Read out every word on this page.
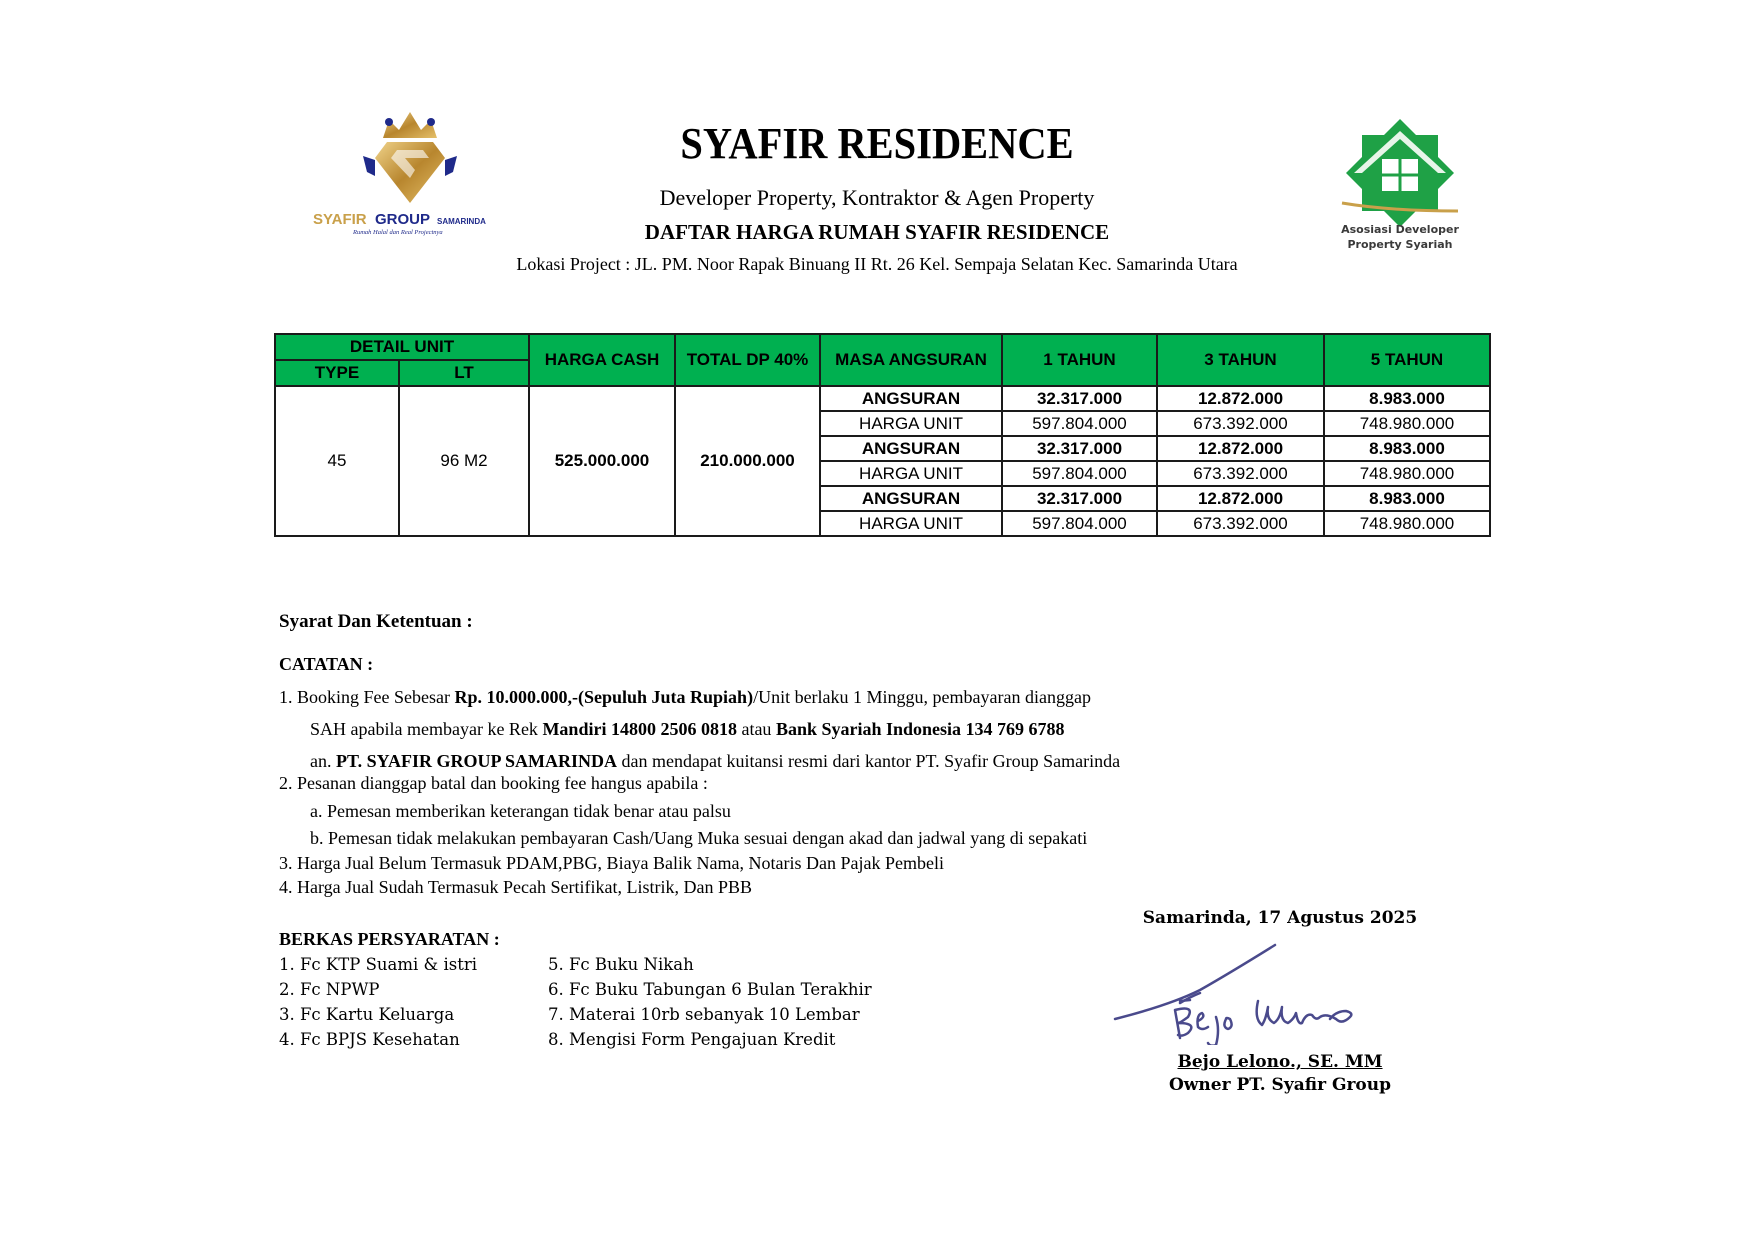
SYAFIR GROUP SAMARINDA
Rumah Halal dan Real Projectnya	Asosiasi Developer
Property Syariah
SYAFIR RESIDENCE
Developer Property, Kontraktor & Agen Property
DAFTAR HARGA RUMAH SYAFIR RESIDENCE
Lokasi Project : JL. PM. Noor Rapak Binuang II Rt. 26 Kel. Sempaja Selatan Kec. Samarinda Utara
DETAIL UNIT		HARGA CASH	TOTAL DP 40%	MASA ANGSURAN	1 TAHUN	3 TAHUN	5 TAHUN
TYPE	LT						
45	96 M2	525.000.000	210.000.000	ANGSURAN	32.317.000	12.872.000	8.983.000
				HARGA UNIT	597.804.000	673.392.000	748.980.000
				ANGSURAN	32.317.000	12.872.000	8.983.000
				HARGA UNIT	597.804.000	673.392.000	748.980.000
				ANGSURAN	32.317.000	12.872.000	8.983.000
				HARGA UNIT	597.804.000	673.392.000	748.980.000
Syarat Dan Ketentuan :
CATATAN :
1. Booking Fee Sebesar Rp. 10.000.000,-(Sepuluh Juta Rupiah)/Unit berlaku 1 Minggu, pembayaran dianggap
SAH apabila membayar ke Rek Mandiri 14800 2506 0818 atau Bank Syariah Indonesia 134 769 6788
an. PT. SYAFIR GROUP SAMARINDA dan mendapat kuitansi resmi dari kantor PT. Syafir Group Samarinda
2. Pesanan dianggap batal dan booking fee hangus apabila :
a. Pemesan memberikan keterangan tidak benar atau palsu
b. Pemesan tidak melakukan pembayaran Cash/Uang Muka sesuai dengan akad dan jadwal yang di sepakati
3. Harga Jual Belum Termasuk PDAM,PBG, Biaya Balik Nama, Notaris Dan Pajak Pembeli
4. Harga Jual Sudah Termasuk Pecah Sertifikat, Listrik, Dan PBB
BERKAS PERSYARATAN :
1. Fc KTP Suami & istri
2. Fc NPWP
3. Fc Kartu Keluarga
4. Fc BPJS Kesehatan
5. Fc Buku Nikah
6. Fc Buku Tabungan 6 Bulan Terakhir
7. Materai 10rb sebanyak 10 Lembar
8. Mengisi Form Pengajuan Kredit
Samarinda, 17 Agustus 2025
Bejo Lelono., SE. MM
Owner PT. Syafir Group
